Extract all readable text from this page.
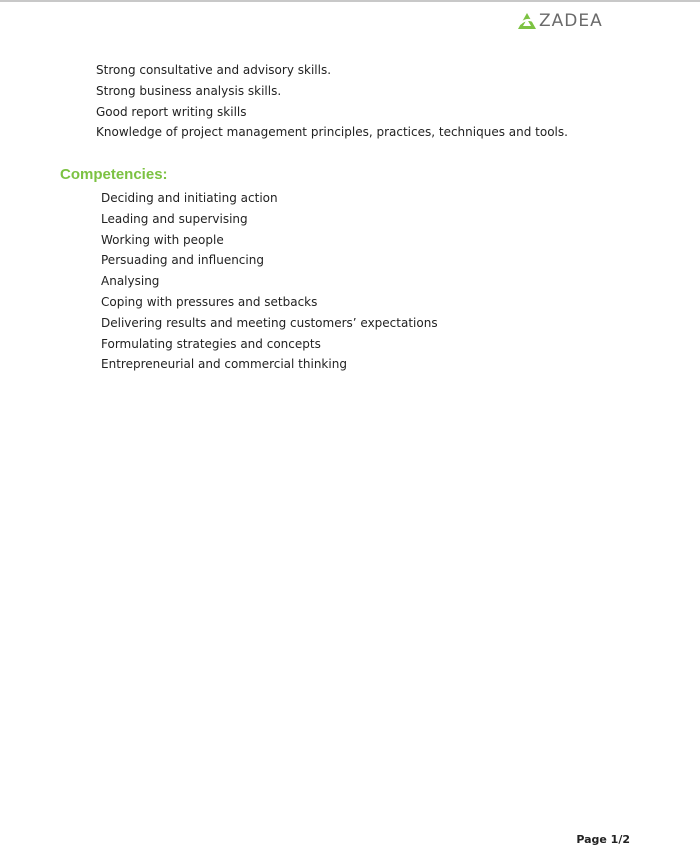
ZADEA
Strong consultative and advisory skills.
Strong business analysis skills.
Good report writing skills
Knowledge of project management principles, practices, techniques and tools.
Competencies:
Deciding and initiating action
Leading and supervising
Working with people
Persuading and influencing
Analysing
Coping with pressures and setbacks
Delivering results and meeting customers’ expectations
Formulating strategies and concepts
Entrepreneurial and commercial thinking
Page 1/2
